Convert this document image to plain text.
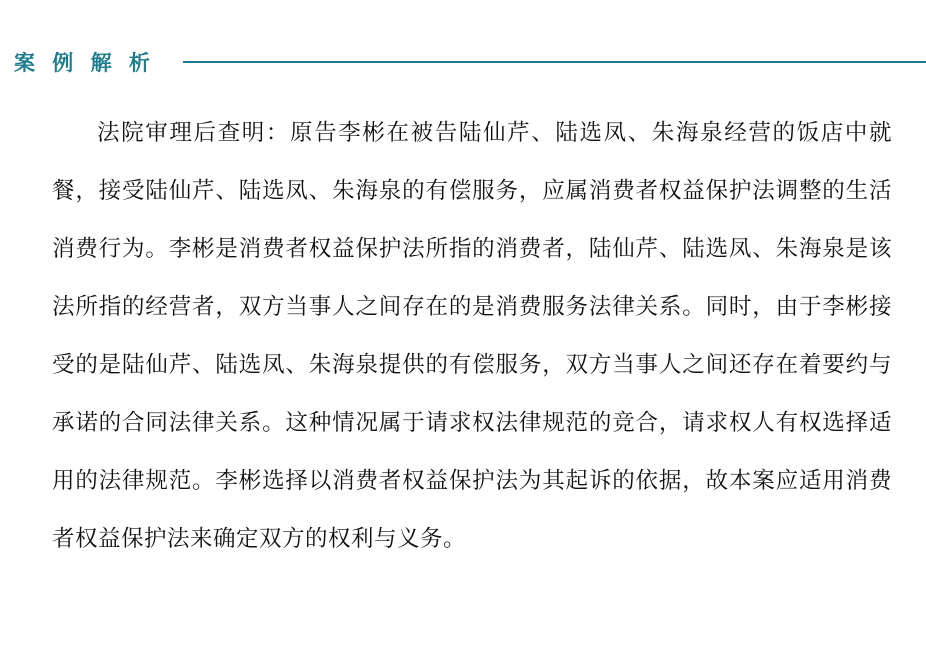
案 例 解 析
法院审理后查明：原告李彬在被告陆仙芹、陆选凤、朱海泉经营的饭店中就餐，接受陆仙芹、陆选凤、朱海泉的有偿服务，应属消费者权益保护法调整的生活消费行为。李彬是消费者权益保护法所指的消费者，陆仙芹、陆选凤、朱海泉是该法所指的经营者，双方当事人之间存在的是消费服务法律关系。同时，由于李彬接受的是陆仙芹、陆选凤、朱海泉提供的有偿服务，双方当事人之间还存在着要约与承诺的合同法律关系。这种情况属于请求权法律规范的竞合，请求权人有权选择适用的法律规范。李彬选择以消费者权益保护法为其起诉的依据，故本案应适用消费者权益保护法来确定双方的权利与义务。
